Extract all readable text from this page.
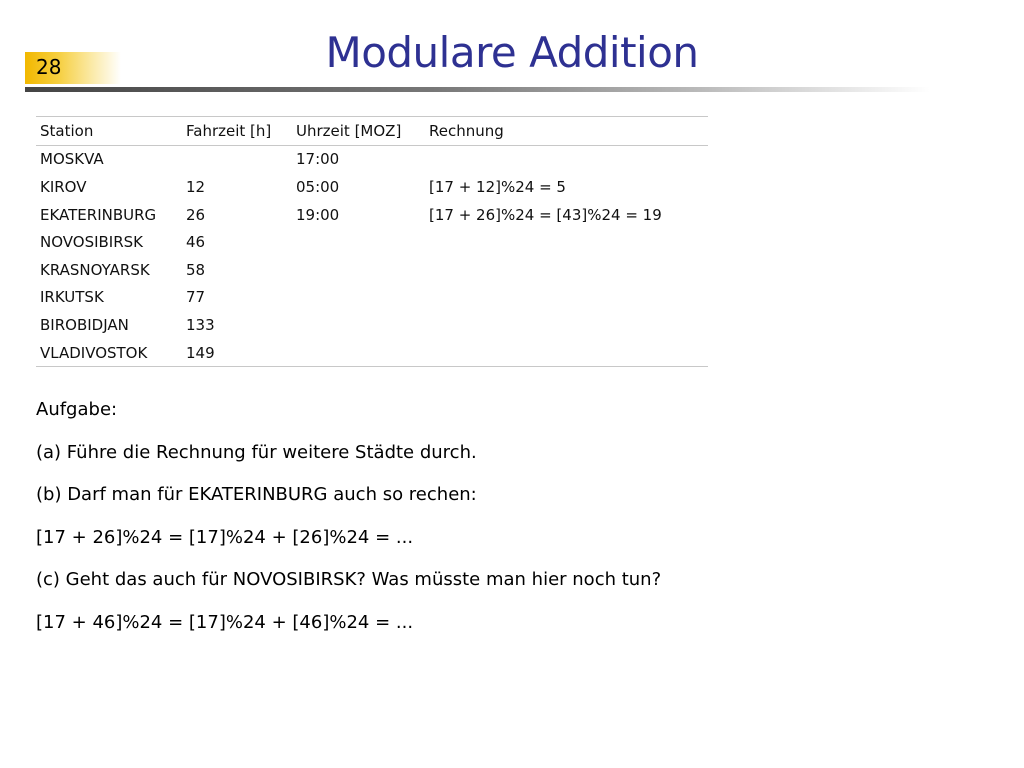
28	Modulare Addition
Station	Fahrzeit [h]	Uhrzeit [MOZ]	Rechnung
MOSKVA		17:00	
KIROV	12	05:00	[17 + 12]%24 = 5
EKATERINBURG	26	19:00	[17 + 26]%24 = [43]%24 = 19
NOVOSIBIRSK	46		
KRASNOYARSK	58		
IRKUTSK	77		
BIROBIDJAN	133		
VLADIVOSTOK	149		
Aufgabe:
(a) Führe die Rechnung für weitere Städte durch.
(b) Darf man für EKATERINBURG auch so rechen:
[17 + 26]%24 = [17]%24 + [26]%24 = ...
(c) Geht das auch für NOVOSIBIRSK? Was müsste man hier noch tun?
[17 + 46]%24 = [17]%24 + [46]%24 = ...
